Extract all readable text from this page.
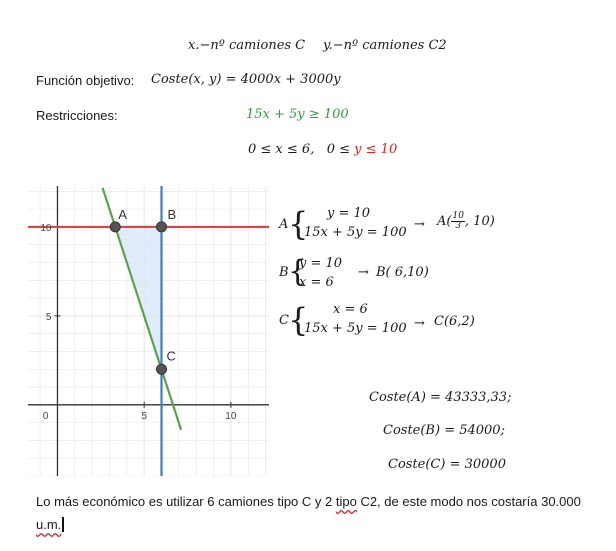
x.−nº camiones C y.−nº camiones C2
Función objetivo: Coste(x, y) = 4000x + 3000y
Restricciones:	15x + 5y ≥ 100
0 ≤ x ≤ 6, 0 ≤ y ≤ 10
5	10
5
10
0
A	B
C
A { y = 10
15x + 5y = 100
→ $A( \frac{10}{3}$ , 10)
B {
y = 10
x = 6
→ B( 6,10)
C { x = 6
15x + 5y = 100 → C(6,2)
Coste(A) = 43333,33;
Coste(B) = 54000;
Coste(C) = 30000
Lo más económico es utilizar 6 camiones tipo C y 2 tipo C2, de este modo nos costaría 30.000
u.m.
